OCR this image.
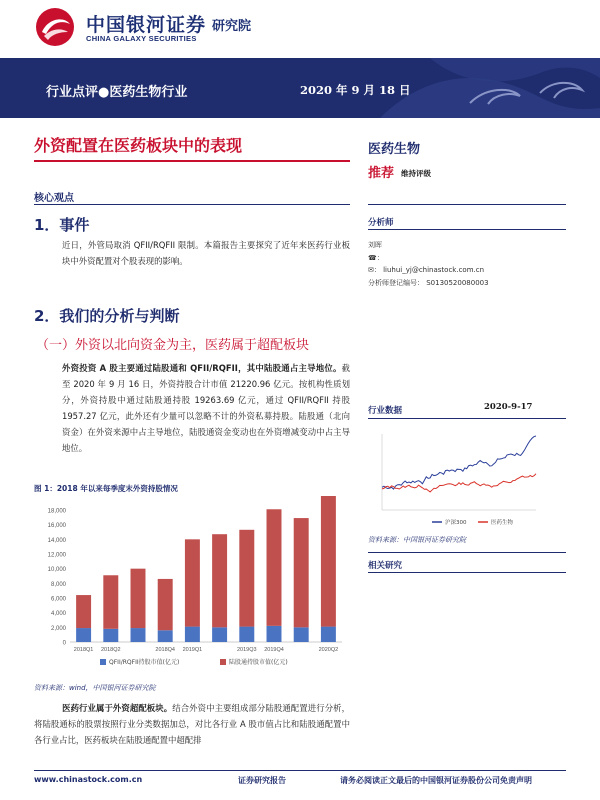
中国银河证券
CHINA GALAXY SECURITIES
研究院
行业点评●医药生物行业	2020 年 9 月 18 日
外资配置在医药板块中的表现
核心观点
1．事件
近日，外管局取消 QFII/RQFII 限制。本篇报告主要探究了近年来医药行业板块中外资配置对个股表现的影响。
2．我们的分析与判断
（一）外资以北向资金为主，医药属于超配板块
外资投资 A 股主要通过陆股通和 QFII/RQFII，其中陆股通占主导地位。截至 2020 年 9 月 16 日，外资持股合计市值 21220.96 亿元。按机构性质划分，外资持股中通过陆股通持股 19263.69 亿元，通过 QFII/RQFII 持股 1957.27 亿元，此外还有少量可以忽略不计的外资私募持股。陆股通（北向资金）在外资来源中占主导地位，陆股通资金变动也在外资增减变动中占主导地位。
图 1：2018 年以来每季度末外资持股情况
0
2,000
4,000
6,000
8,000
10,000
12,000
14,000
16,000
18,000
2018Q1 2018Q2	2018Q4 2019Q1	2019Q3 2019Q4	2020Q2
QFII/RQFII持股市值(亿元)	陆股通持股市值(亿元)
资料来源：wind，中国银河证券研究院
医药行业属于外资超配板块。结合外资中主要组成部分陆股通配置进行分析，将陆股通标的股票按照行业分类数据加总，对比各行业 A 股市值占比和陆股通配置中各行业占比，医药板块在陆股通配置中超配排
医药生物
推荐 维持评级
分析师
刘晖
☎：
✉： liuhui_yj@chinastock.com.cn
分析师登记编号： S0130520080003
行业数据	2020-9-17
沪深300	医药生物
资料来源：中国银河证券研究院
相关研究
www.chinastock.com.cn	证券研究报告	请务必阅读正文最后的中国银河证券股份公司免责声明
